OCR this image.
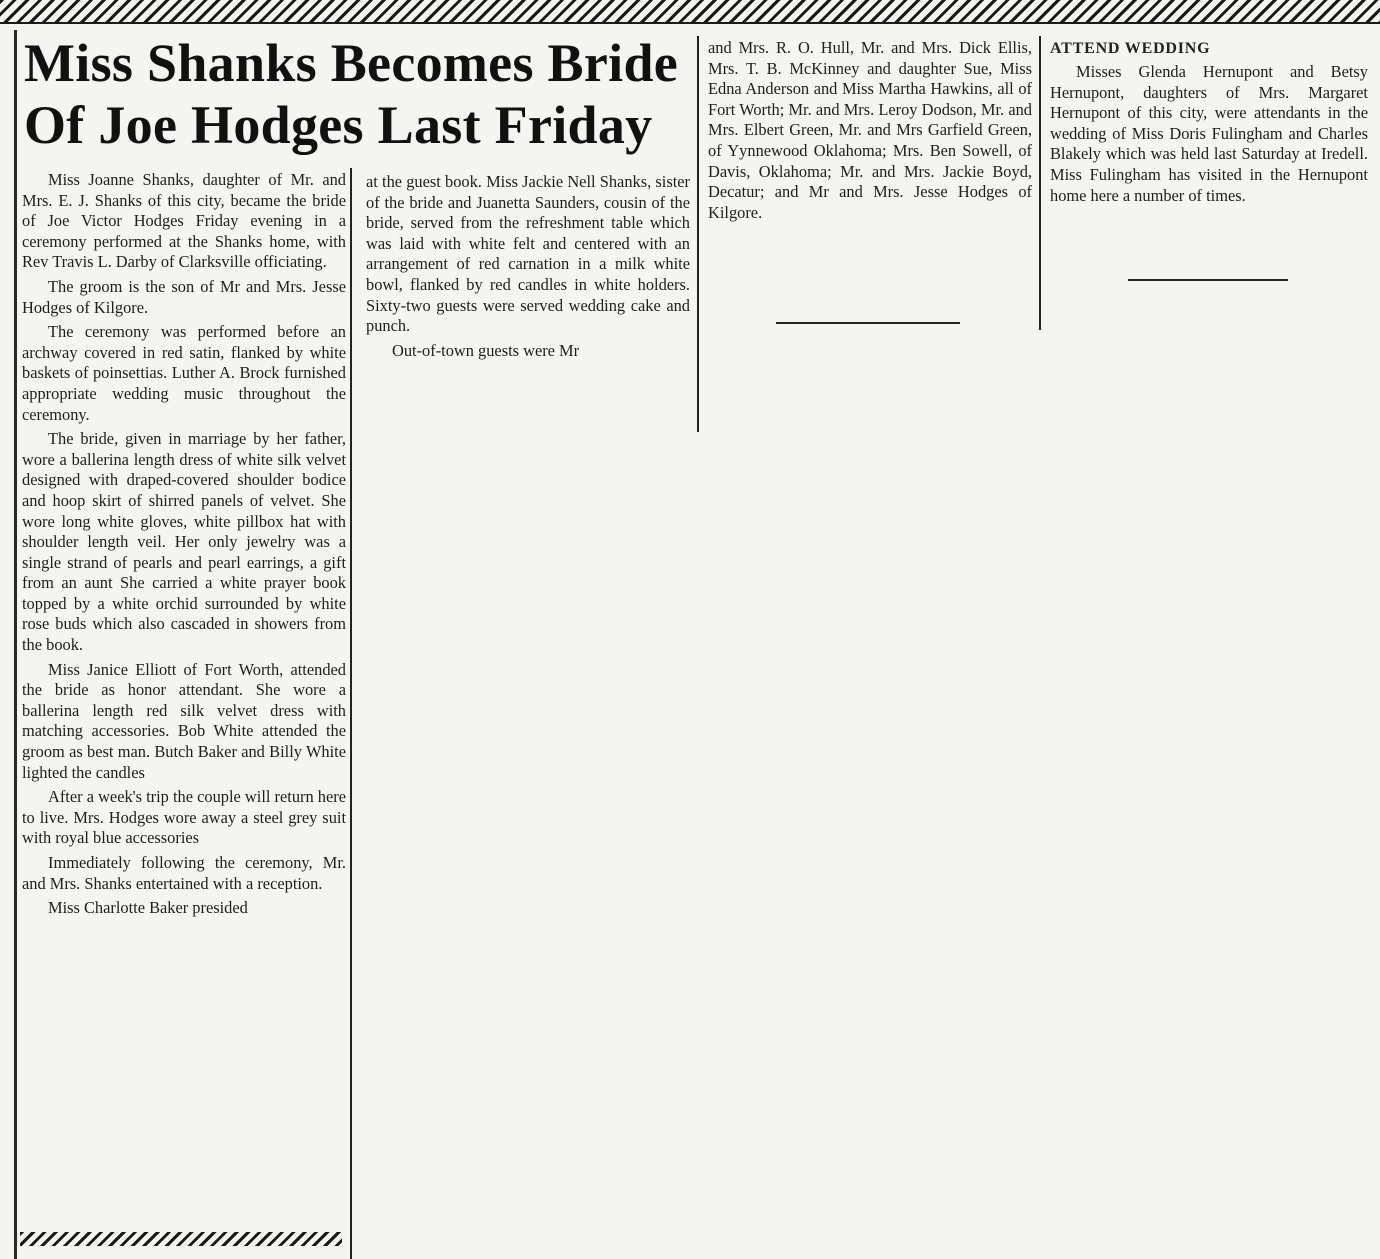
Miss Shanks Becomes Bride Of Joe Hodges Last Friday

Miss Joanne Shanks, daughter of Mr. and Mrs. E. J. Shanks of this city, became the bride of Joe Victor Hodges Friday evening in a ceremony performed at the Shanks home, with Rev Travis L. Darby of Clarksville officiating.

The groom is the son of Mr and Mrs. Jesse Hodges of Kilgore.

The ceremony was performed before an archway covered in red satin, flanked by white baskets of poinsettias. Luther A. Brock furnished appropriate wedding music throughout the ceremony.

The bride, given in marriage by her father, wore a ballerina length dress of white silk velvet designed with draped-covered shoulder bodice and hoop skirt of shirred panels of velvet. She wore long white gloves, white pillbox hat with shoulder length veil. Her only jewelry was a single strand of pearls and pearl earrings, a gift from an aunt She carried a white prayer book topped by a white orchid surrounded by white rose buds which also cascaded in showers from the book.

Miss Janice Elliott of Fort Worth, attended the bride as honor attendant. She wore a ballerina length red silk velvet dress with matching accessories. Bob White attended the groom as best man. Butch Baker and Billy White lighted the candles

After a week's trip the couple will return here to live. Mrs. Hodges wore away a steel grey suit with royal blue accessories

Immediately following the ceremony, Mr. and Mrs. Shanks entertained with a reception.

Miss Charlotte Baker presided

at the guest book. Miss Jackie Nell Shanks, sister of the bride and Juanetta Saunders, cousin of the bride, served from the refreshment table which was laid with white felt and centered with an arrangement of red carnation in a milk white bowl, flanked by red candles in white holders. Sixty-two guests were served wedding cake and punch.

Out-of-town guests were Mr

and Mrs. R. O. Hull, Mr. and Mrs. Dick Ellis, Mrs. T. B. McKinney and daughter Sue, Miss Edna Anderson and Miss Martha Hawkins, all of Fort Worth; Mr. and Mrs. Leroy Dodson, Mr. and Mrs. Elbert Green, Mr. and Mrs Garfield Green, of Yynnewood Oklahoma; Mrs. Ben Sowell, of Davis, Oklahoma; Mr. and Mrs. Jackie Boyd, Decatur; and Mr and Mrs. Jesse Hodges of Kilgore.

ATTEND WEDDING

Misses Glenda Hernupont and Betsy Hernupont, daughters of Mrs. Margaret Hernupont of this city, were attendants in the wedding of Miss Doris Fulingham and Charles Blakely which was held last Saturday at Iredell. Miss Fulingham has visited in the Hernupont home here a number of times.
